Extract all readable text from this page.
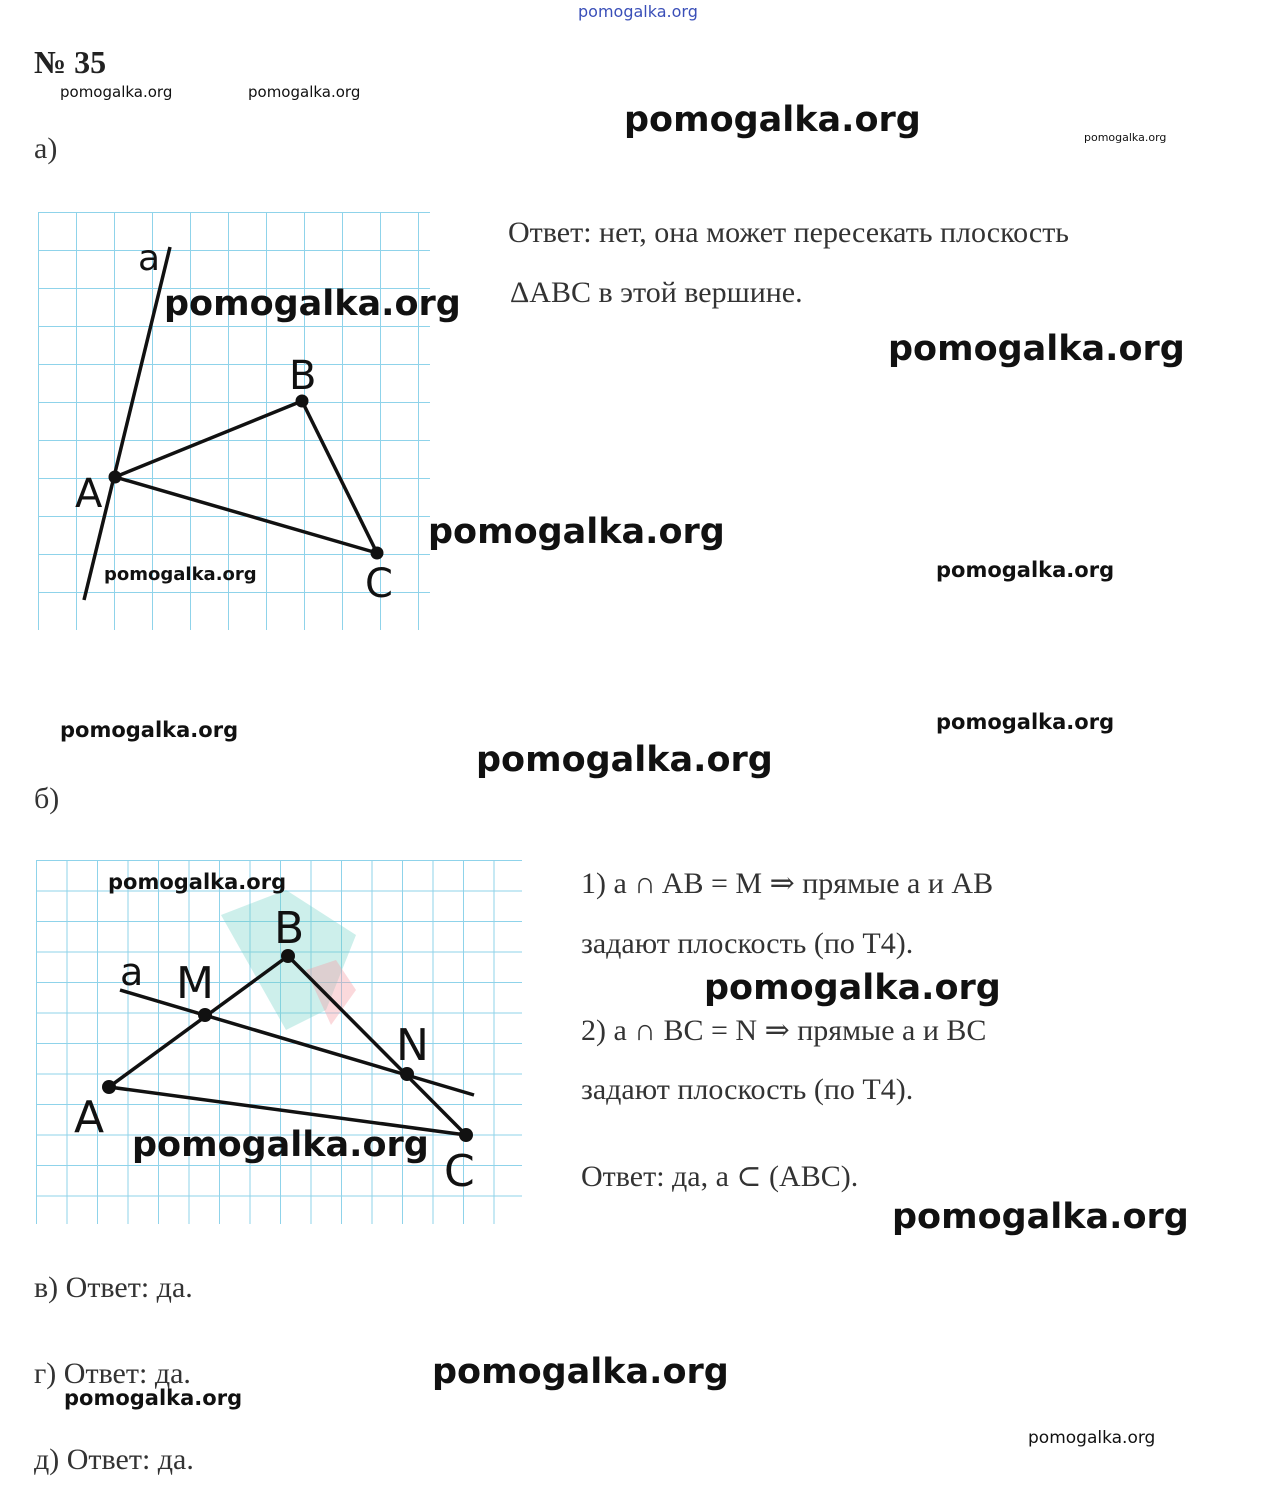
pomogalka.org
№ 35
pomogalka.org	pomogalka.org
pomogalka.org	pomogalka.org
а)
a
A
B
C
pomogalka.org
pomogalka.org
Ответ: нет, она может пересекать плоскость
ΔABC в этой вершине.
pomogalka.org
pomogalka.org
pomogalka.org
pomogalka.org	pomogalka.org
pomogalka.org
б)
a
A
B
C
M
N
pomogalka.org
pomogalka.org
1) a ∩ AB = M ⇒ прямые a и AB
задают плоскость (по T4).
pomogalka.org
2) a ∩ BC = N ⇒ прямые a и BC
задают плоскость (по T4).
Ответ: да, a ⊂ (ABC).
pomogalka.org
в) Ответ: да.
г) Ответ: да.	pomogalka.org
pomogalka.org
pomogalka.org
д) Ответ: да.
